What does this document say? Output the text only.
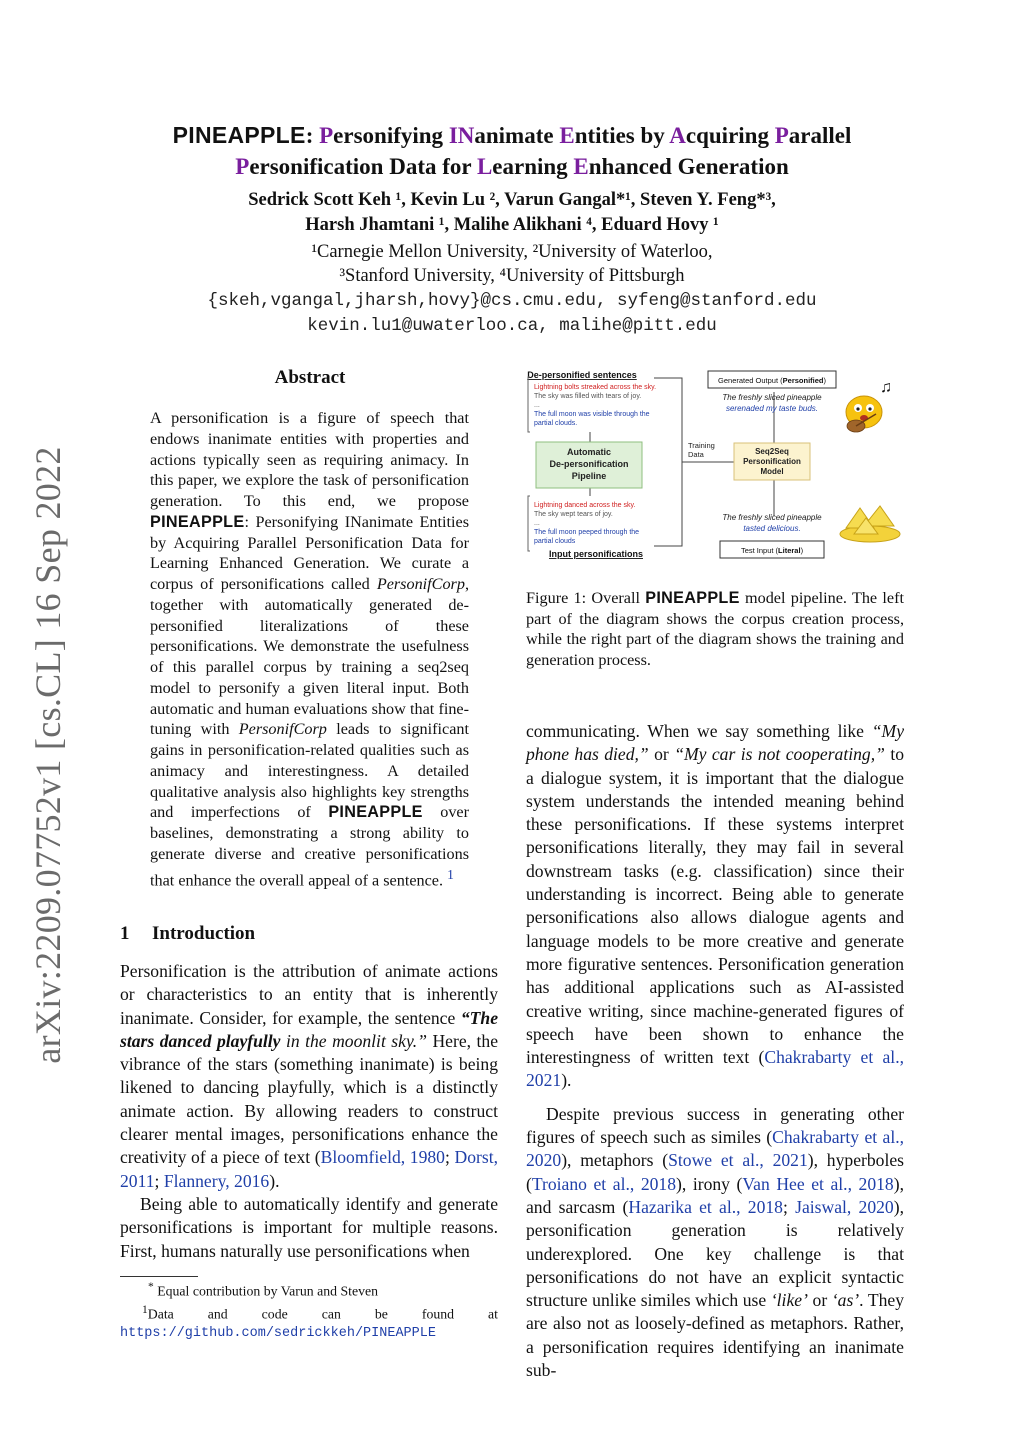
PINEAPPLE: Personifying INanimate Entities by Acquiring Parallel
Personification Data for Learning Enhanced Generation
Sedrick Scott Keh ¹, Kevin Lu ², Varun Gangal*¹, Steven Y. Feng*³,
Harsh Jhamtani ¹, Malihe Alikhani ⁴, Eduard Hovy ¹
¹Carnegie Mellon University, ²University of Waterloo,
³Stanford University, ⁴University of Pittsburgh
{skeh,vgangal,jharsh,hovy}@cs.cmu.edu, syfeng@stanford.edu
kevin.lu1@uwaterloo.ca, malihe@pitt.edu
arXiv:2209.07752v1 [cs.CL] 16 Sep 2022
Abstract
A personification is a figure of speech that endows inanimate entities with properties and actions typically seen as requiring animacy. In this paper, we explore the task of personification generation. To this end, we propose PINEAPPLE: Personifying INanimate Entities by Acquiring Parallel Personification Data for Learning Enhanced Generation. We curate a corpus of personifications called PersonifCorp, together with automatically generated de-personified literalizations of these personifications. We demonstrate the usefulness of this parallel corpus by training a seq2seq model to personify a given literal input. Both automatic and human evaluations show that fine-tuning with PersonifCorp leads to significant gains in personification-related qualities such as animacy and interestingness. A detailed qualitative analysis also highlights key strengths and imperfections of PINEAPPLE over baselines, demonstrating a strong ability to generate diverse and creative personifications that enhance the overall appeal of a sentence. $^1$
1 Introduction

Personification is the attribution of animate actions or characteristics to an entity that is inherently inanimate. Consider, for example, the sentence “The stars danced playfully in the moonlit sky.” Here, the vibrance of the stars (something inanimate) is being likened to dancing playfully, which is a distinctly animate action. By allowing readers to construct clearer mental images, personifications enhance the creativity of a piece of text (Bloomfield, 1980; Dorst, 2011; Flannery, 2016).

Being able to automatically identify and generate personifications is important for multiple reasons. First, humans naturally use personifications when

* Equal contribution by Varun and Steven
$^1$Data and code can be found at https://github.com/sedrickkeh/PINEAPPLE
De-personified sentences
Lightning bolts streaked across the sky.
The sky was filled with tears of joy.
...
The full moon was visible through the
partial clouds.
Automatic
De-personification
Pipeline
Training
Data	Seq2Seq
Personification
Model
Generated Output (Personified)
The freshly sliced pineapple
serenaded my taste buds.
♫
The freshly sliced pineapple
tasted delicious.
Test Input (Literal)
Lightning danced across the sky.
The sky wept tears of joy.
...
The full moon peeped through the
partial clouds
Input personifications
Figure 1: Overall PINEAPPLE model pipeline. The left part of the diagram shows the corpus creation process, while the right part of the diagram shows the training and generation process.

communicating. When we say something like “My phone has died,” or “My car is not cooperating,” to a dialogue system, it is important that the dialogue system understands the intended meaning behind these personifications. If these systems interpret personifications literally, they may fail in several downstream tasks (e.g. classification) since their understanding is incorrect. Being able to generate personifications also allows dialogue agents and language models to be more creative and generate more figurative sentences. Personification generation has additional applications such as AI-assisted creative writing, since machine-generated figures of speech have been shown to enhance the interestingness of written text (Chakrabarty et al., 2021).

Despite previous success in generating other figures of speech such as similes (Chakrabarty et al., 2020), metaphors (Stowe et al., 2021), hyperboles (Troiano et al., 2018), irony (Van Hee et al., 2018), and sarcasm (Hazarika et al., 2018; Jaiswal, 2020), personification generation is relatively underexplored. One key challenge is that personifications do not have an explicit syntactic structure unlike similes which use ‘like’ or ‘as’. They are also not as loosely-defined as metaphors. Rather, a personification requires identifying an inanimate sub-
